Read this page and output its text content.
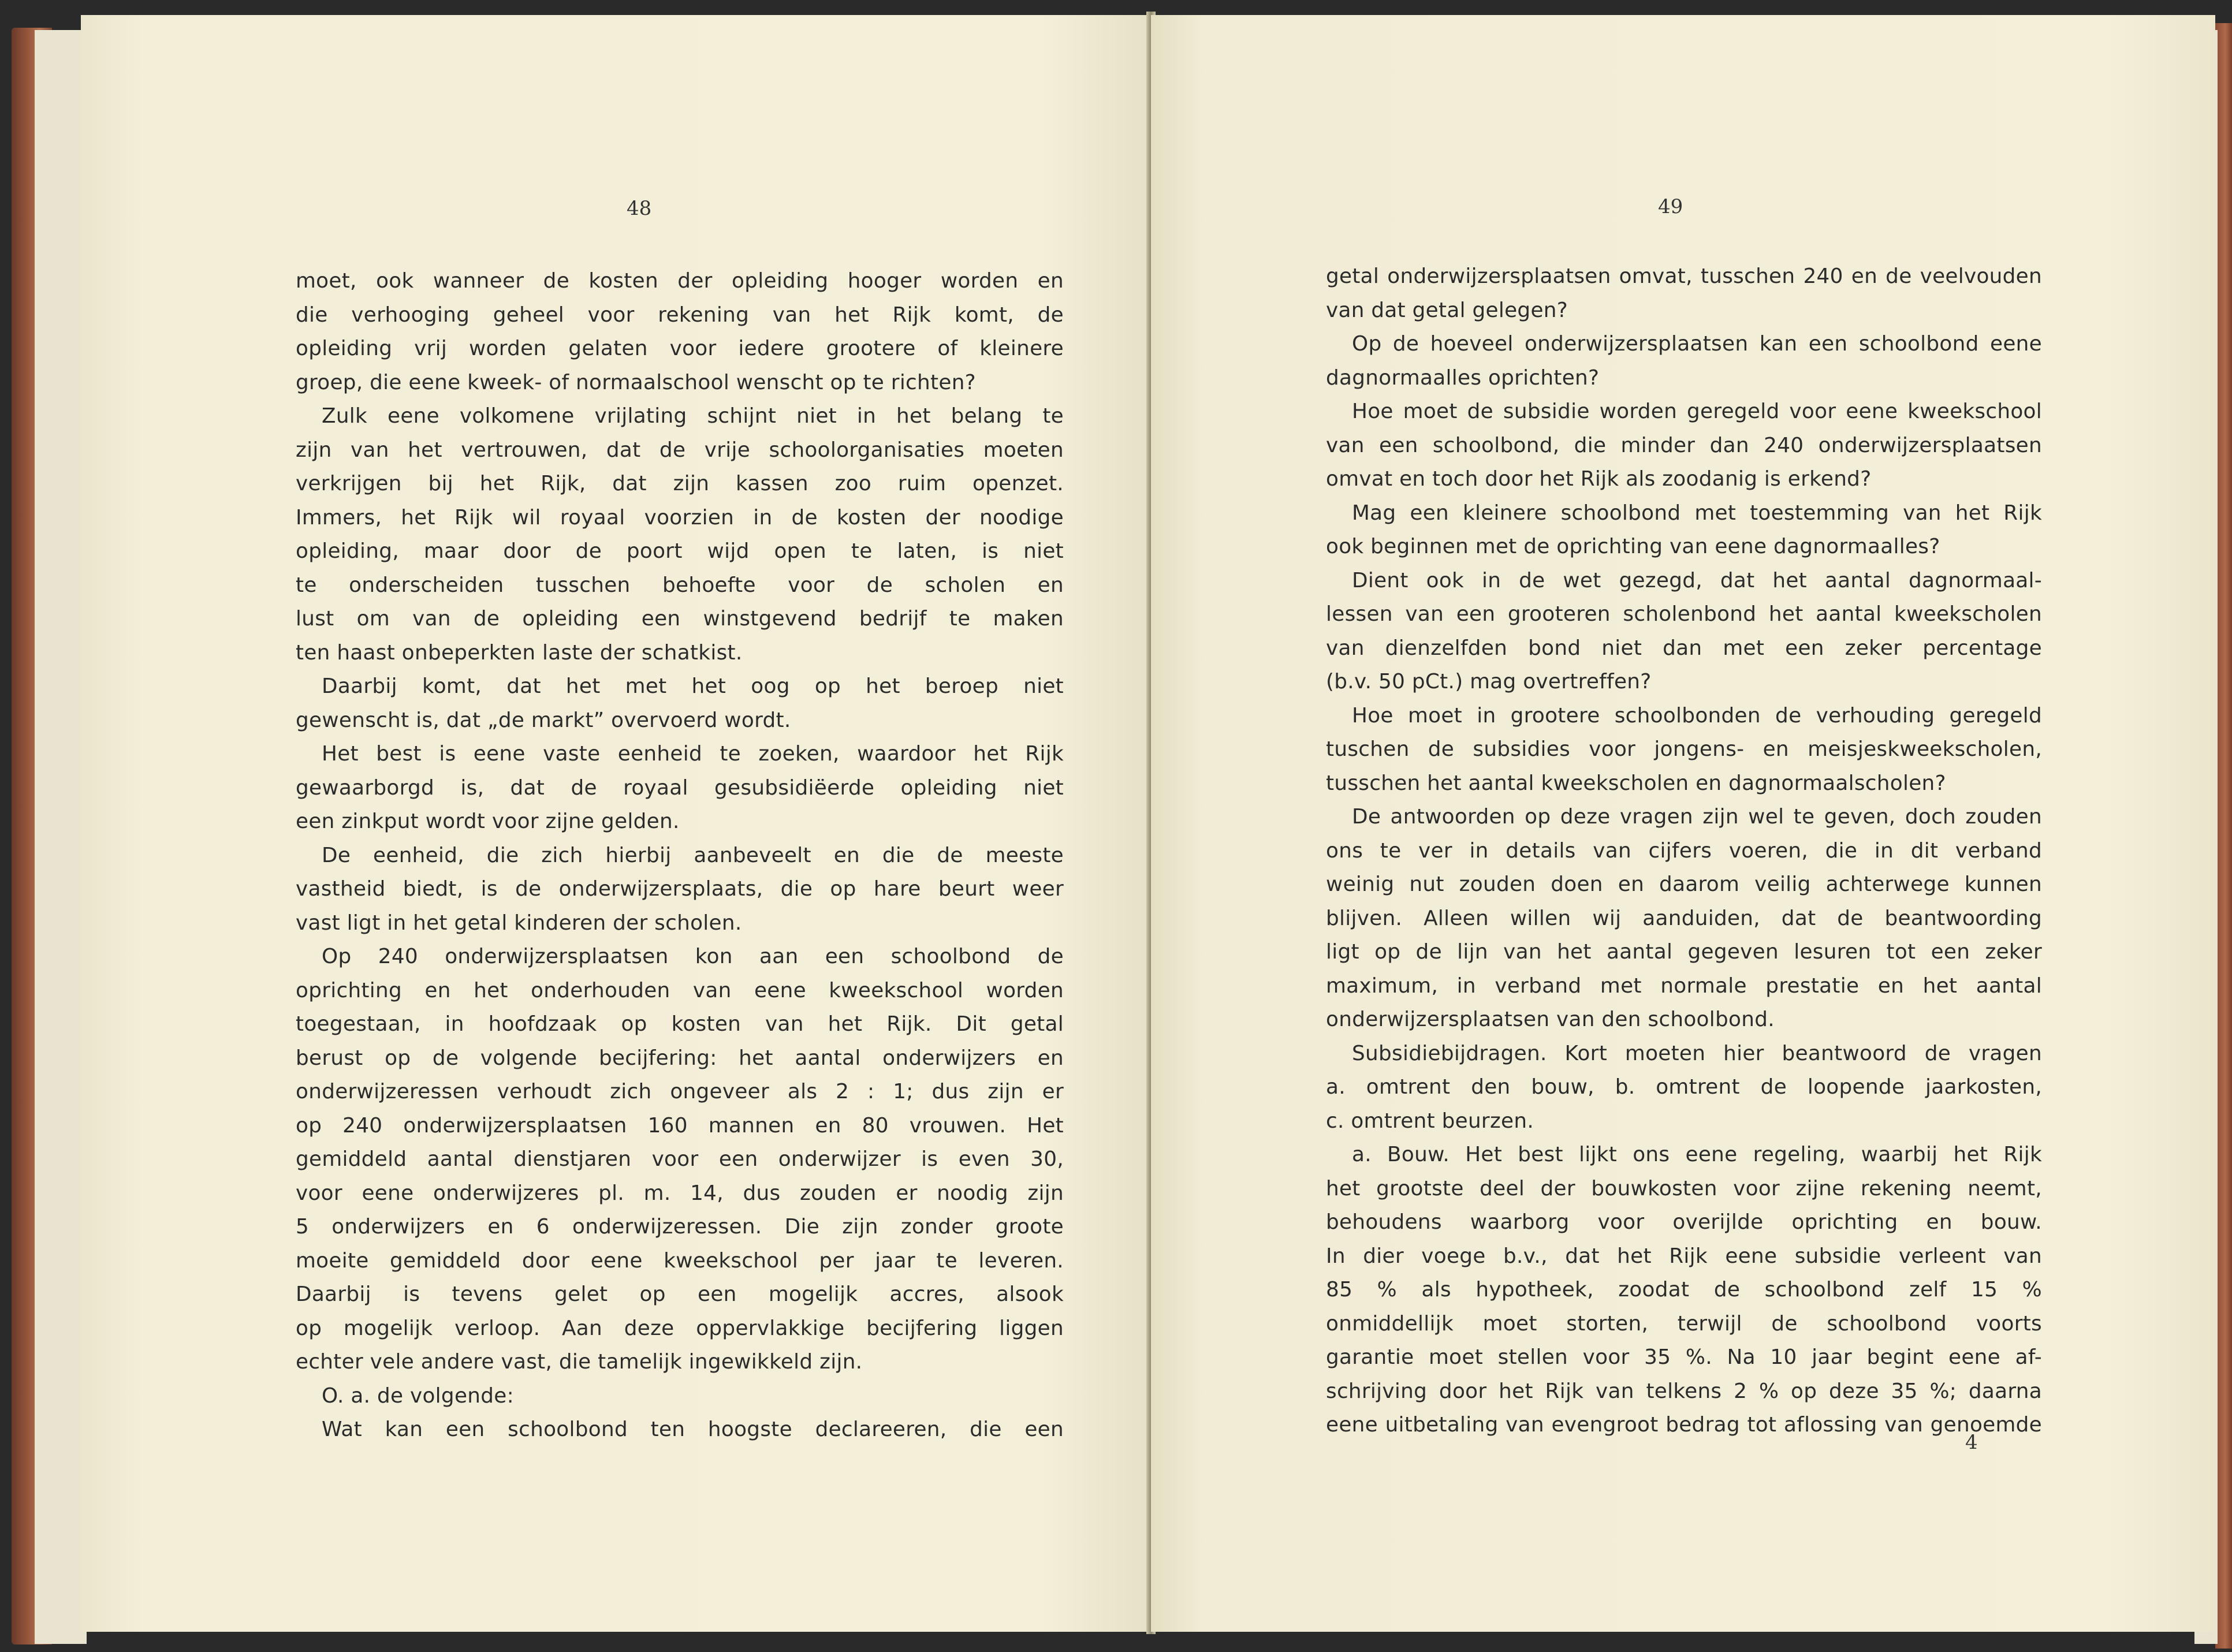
48
moet, ook wanneer de kosten der opleiding hooger worden en
die verhooging geheel voor rekening van het Rijk komt, de
opleiding vrij worden gelaten voor iedere grootere of kleinere
groep, die eene kweek- of normaalschool wenscht op te richten?
Zulk eene volkomene vrijlating schijnt niet in het belang te
zijn van het vertrouwen, dat de vrije schoolorganisaties moeten
verkrijgen bij het Rijk, dat zijn kassen zoo ruim openzet.
Immers, het Rijk wil royaal voorzien in de kosten der noodige
opleiding, maar door de poort wijd open te laten, is niet
te onderscheiden tusschen behoefte voor de scholen en
lust om van de opleiding een winstgevend bedrijf te maken
ten haast onbeperkten laste der schatkist.
Daarbij komt, dat het met het oog op het beroep niet
gewenscht is, dat „de markt” overvoerd wordt.
Het best is eene vaste eenheid te zoeken, waardoor het Rijk
gewaarborgd is, dat de royaal gesubsidiëerde opleiding niet
een zinkput wordt voor zijne gelden.
De eenheid, die zich hierbij aanbeveelt en die de meeste
vastheid biedt, is de onderwijzersplaats, die op hare beurt weer
vast ligt in het getal kinderen der scholen.
Op 240 onderwijzersplaatsen kon aan een schoolbond de
oprichting en het onderhouden van eene kweekschool worden
toegestaan, in hoofdzaak op kosten van het Rijk. Dit getal
berust op de volgende becijfering: het aantal onderwijzers en
onderwijzeressen verhoudt zich ongeveer als 2 : 1; dus zijn er
op 240 onderwijzersplaatsen 160 mannen en 80 vrouwen. Het
gemiddeld aantal dienstjaren voor een onderwijzer is even 30,
voor eene onderwijzeres pl. m. 14, dus zouden er noodig zijn
5 onderwijzers en 6 onderwijzeressen. Die zijn zonder groote
moeite gemiddeld door eene kweekschool per jaar te leveren.
Daarbij is tevens gelet op een mogelijk accres, alsook
op mogelijk verloop. Aan deze oppervlakkige becijfering liggen
echter vele andere vast, die tamelijk ingewikkeld zijn.
O. a. de volgende:
Wat kan een schoolbond ten hoogste declareeren, die een
49
getal onderwijzersplaatsen omvat, tusschen 240 en de veelvouden
van dat getal gelegen?
Op de hoeveel onderwijzersplaatsen kan een schoolbond eene
dagnormaalles oprichten?
Hoe moet de subsidie worden geregeld voor eene kweekschool
van een schoolbond, die minder dan 240 onderwijzersplaatsen
omvat en toch door het Rijk als zoodanig is erkend?
Mag een kleinere schoolbond met toestemming van het Rijk
ook beginnen met de oprichting van eene dagnormaalles?
Dient ook in de wet gezegd, dat het aantal dagnormaal-
lessen van een grooteren scholenbond het aantal kweekscholen
van dienzelfden bond niet dan met een zeker percentage
(b.v. 50 pCt.) mag overtreffen?
Hoe moet in grootere schoolbonden de verhouding geregeld
tuschen de subsidies voor jongens- en meisjeskweekscholen,
tusschen het aantal kweekscholen en dagnormaalscholen?
De antwoorden op deze vragen zijn wel te geven, doch zouden
ons te ver in details van cijfers voeren, die in dit verband
weinig nut zouden doen en daarom veilig achterwege kunnen
blijven. Alleen willen wij aanduiden, dat de beantwoording
ligt op de lijn van het aantal gegeven lesuren tot een zeker
maximum, in verband met normale prestatie en het aantal
onderwijzersplaatsen van den schoolbond.
Subsidiebijdragen. Kort moeten hier beantwoord de vragen
a. omtrent den bouw, b. omtrent de loopende jaarkosten,
c. omtrent beurzen.
a. Bouw. Het best lijkt ons eene regeling, waarbij het Rijk
het grootste deel der bouwkosten voor zijne rekening neemt,
behoudens waarborg voor overijlde oprichting en bouw.
In dier voege b.v., dat het Rijk eene subsidie verleent van
85 % als hypotheek, zoodat de schoolbond zelf 15 %
onmiddellijk moet storten, terwijl de schoolbond voorts
garantie moet stellen voor 35 %. Na 10 jaar begint eene af-
schrijving door het Rijk van telkens 2 % op deze 35 %; daarna
eene uitbetaling van evengroot bedrag tot aflossing van genoemde
4
